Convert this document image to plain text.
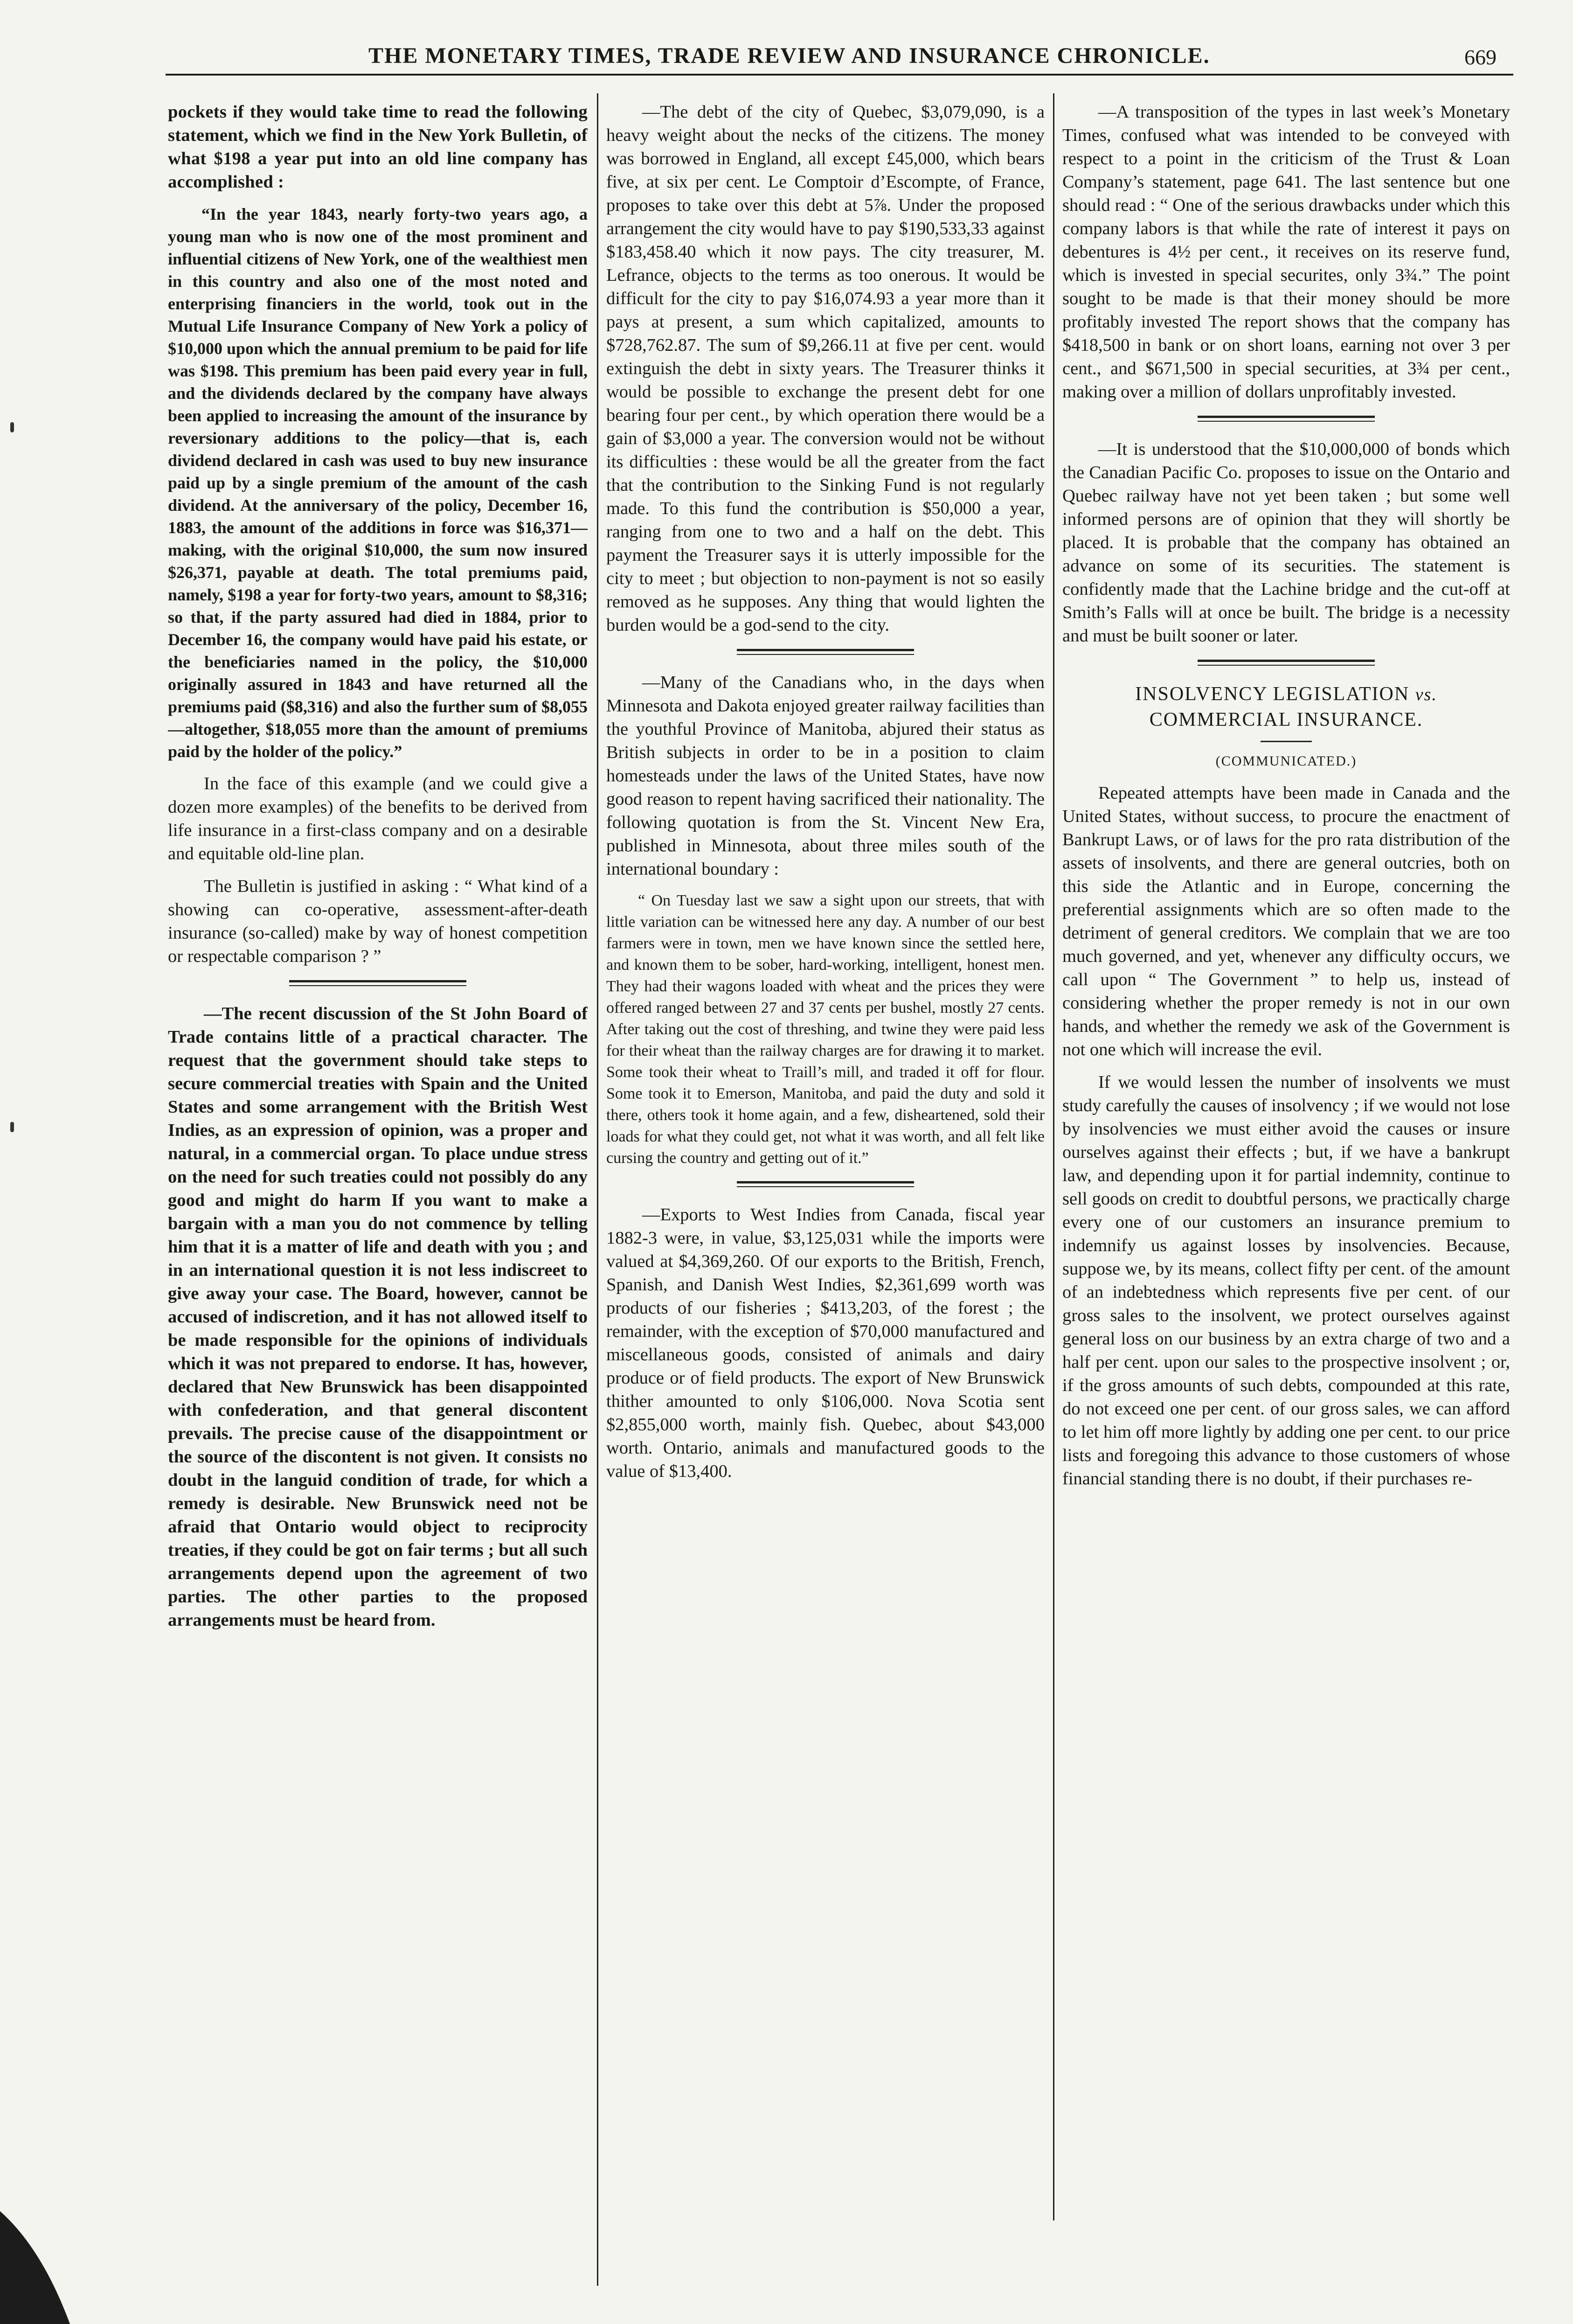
THE MONETARY TIMES, TRADE REVIEW AND INSURANCE CHRONICLE.	669

pockets if they would take time to read the following statement, which we find in the New York Bulletin, of what $198 a year put into an old line company has accomplished :

“In the year 1843, nearly forty-two years ago, a young man who is now one of the most prominent and influential citizens of New York, one of the wealthiest men in this country and also one of the most noted and enterprising financiers in the world, took out in the Mutual Life Insurance Company of New York a policy of $10,000 upon which the annual premium to be paid for life was $198. This premium has been paid every year in full, and the dividends declared by the company have always been applied to increasing the amount of the insurance by reversionary additions to the policy—that is, each dividend declared in cash was used to buy new insurance paid up by a single premium of the amount of the cash dividend. At the anniversary of the policy, December 16, 1883, the amount of the additions in force was $16,371—making, with the original $10,000, the sum now insured $26,371, payable at death. The total premiums paid, namely, $198 a year for forty-two years, amount to $8,316; so that, if the party assured had died in 1884, prior to December 16, the company would have paid his estate, or the beneficiaries named in the policy, the $10,000 originally assured in 1843 and have returned all the premiums paid ($8,316) and also the further sum of $8,055—altogether, $18,055 more than the amount of premiums paid by the holder of the policy.”

In the face of this example (and we could give a dozen more examples) of the benefits to be derived from life insurance in a first-class company and on a desirable and equitable old-line plan.

The Bulletin is justified in asking : “ What kind of a showing can co-operative, assessment-after-death insurance (so-called) make by way of honest competition or respectable comparison ? ”

—The recent discussion of the St John Board of Trade contains little of a practical character. The request that the government should take steps to secure commercial treaties with Spain and the United States and some arrangement with the British West Indies, as an expression of opinion, was a proper and natural, in a commercial organ. To place undue stress on the need for such treaties could not possibly do any good and might do harm If you want to make a bargain with a man you do not commence by telling him that it is a matter of life and death with you ; and in an international question it is not less indiscreet to give away your case. The Board, however, cannot be accused of indiscretion, and it has not allowed itself to be made responsible for the opinions of individuals which it was not prepared to endorse. It has, however, declared that New Brunswick has been disappointed with confederation, and that general discontent prevails. The precise cause of the disappointment or the source of the discontent is not given. It consists no doubt in the languid condition of trade, for which a remedy is desirable. New Brunswick need not be afraid that Ontario would object to reciprocity treaties, if they could be got on fair terms ; but all such arrangements depend upon the agreement of two parties. The other parties to the proposed arrangements must be heard from.

—The debt of the city of Quebec, $3,079,090, is a heavy weight about the necks of the citizens. The money was borrowed in England, all except £45,000, which bears five, at six per cent. Le Comptoir d’Escompte, of France, proposes to take over this debt at 5⅞. Under the proposed arrangement the city would have to pay $190,533,33 against $183,458.40 which it now pays. The city treasurer, M. Lefrance, objects to the terms as too onerous. It would be difficult for the city to pay $16,074.93 a year more than it pays at present, a sum which capitalized, amounts to $728,762.87. The sum of $9,266.11 at five per cent. would extinguish the debt in sixty years. The Treasurer thinks it would be possible to exchange the present debt for one bearing four per cent., by which operation there would be a gain of $3,000 a year. The conversion would not be without its difficulties : these would be all the greater from the fact that the contribution to the Sinking Fund is not regularly made. To this fund the contribution is $50,000 a year, ranging from one to two and a half on the debt. This payment the Treasurer says it is utterly impossible for the city to meet ; but objection to non-payment is not so easily removed as he supposes. Any thing that would lighten the burden would be a god-send to the city.

—Many of the Canadians who, in the days when Minnesota and Dakota enjoyed greater railway facilities than the youthful Province of Manitoba, abjured their status as British subjects in order to be in a position to claim homesteads under the laws of the United States, have now good reason to repent having sacrificed their nationality. The following quotation is from the St. Vincent New Era, published in Minnesota, about three miles south of the international boundary :

“ On Tuesday last we saw a sight upon our streets, that with little variation can be witnessed here any day. A number of our best farmers were in town, men we have known since the settled here, and known them to be sober, hard-working, intelligent, honest men. They had their wagons loaded with wheat and the prices they were offered ranged between 27 and 37 cents per bushel, mostly 27 cents. After taking out the cost of threshing, and twine they were paid less for their wheat than the railway charges are for drawing it to market. Some took their wheat to Traill’s mill, and traded it off for flour. Some took it to Emerson, Manitoba, and paid the duty and sold it there, others took it home again, and a few, disheartened, sold their loads for what they could get, not what it was worth, and all felt like cursing the country and getting out of it.”

—Exports to West Indies from Canada, fiscal year 1882-3 were, in value, $3,125,031 while the imports were valued at $4,369,260. Of our exports to the British, French, Spanish, and Danish West Indies, $2,361,699 worth was products of our fisheries ; $413,203, of the forest ; the remainder, with the exception of $70,000 manufactured and miscellaneous goods, consisted of animals and dairy produce or of field products. The export of New Brunswick thither amounted to only $106,000. Nova Scotia sent $2,855,000 worth, mainly fish. Quebec, about $43,000 worth. Ontario, animals and manufactured goods to the value of $13,400.

—A transposition of the types in last week’s Monetary Times, confused what was intended to be conveyed with respect to a point in the criticism of the Trust & Loan Company’s statement, page 641. The last sentence but one should read : “ One of the serious drawbacks under which this company labors is that while the rate of interest it pays on debentures is 4½ per cent., it receives on its reserve fund, which is invested in special securites, only 3¾.” The point sought to be made is that their money should be more profitably invested The report shows that the company has $418,500 in bank or on short loans, earning not over 3 per cent., and $671,500 in special securities, at 3¾ per cent., making over a million of dollars unprofitably invested.

—It is understood that the $10,000,000 of bonds which the Canadian Pacific Co. proposes to issue on the Ontario and Quebec railway have not yet been taken ; but some well informed persons are of opinion that they will shortly be placed. It is probable that the company has obtained an advance on some of its securities. The statement is confidently made that the Lachine bridge and the cut-off at Smith’s Falls will at once be built. The bridge is a necessity and must be built sooner or later.

INSOLVENCY LEGISLATION vs.

COMMERCIAL INSURANCE.

(COMMUNICATED.)

Repeated attempts have been made in Canada and the United States, without success, to procure the enactment of Bankrupt Laws, or of laws for the pro rata distribution of the assets of insolvents, and there are general outcries, both on this side the Atlantic and in Europe, concerning the preferential assignments which are so often made to the detriment of general creditors. We complain that we are too much governed, and yet, whenever any difficulty occurs, we call upon “ The Government ” to help us, instead of considering whether the proper remedy is not in our own hands, and whether the remedy we ask of the Government is not one which will increase the evil.

If we would lessen the number of insolvents we must study carefully the causes of insolvency ; if we would not lose by insolvencies we must either avoid the causes or insure ourselves against their effects ; but, if we have a bankrupt law, and depending upon it for partial indemnity, continue to sell goods on credit to doubtful persons, we practically charge every one of our customers an insurance premium to indemnify us against losses by insolvencies. Because, suppose we, by its means, collect fifty per cent. of the amount of an indebtedness which represents five per cent. of our gross sales to the insolvent, we protect ourselves against general loss on our business by an extra charge of two and a half per cent. upon our sales to the prospective insolvent ; or, if the gross amounts of such debts, compounded at this rate, do not exceed one per cent. of our gross sales, we can afford to let him off more lightly by adding one per cent. to our price lists and foregoing this advance to those customers of whose financial standing there is no doubt, if their purchases re-
